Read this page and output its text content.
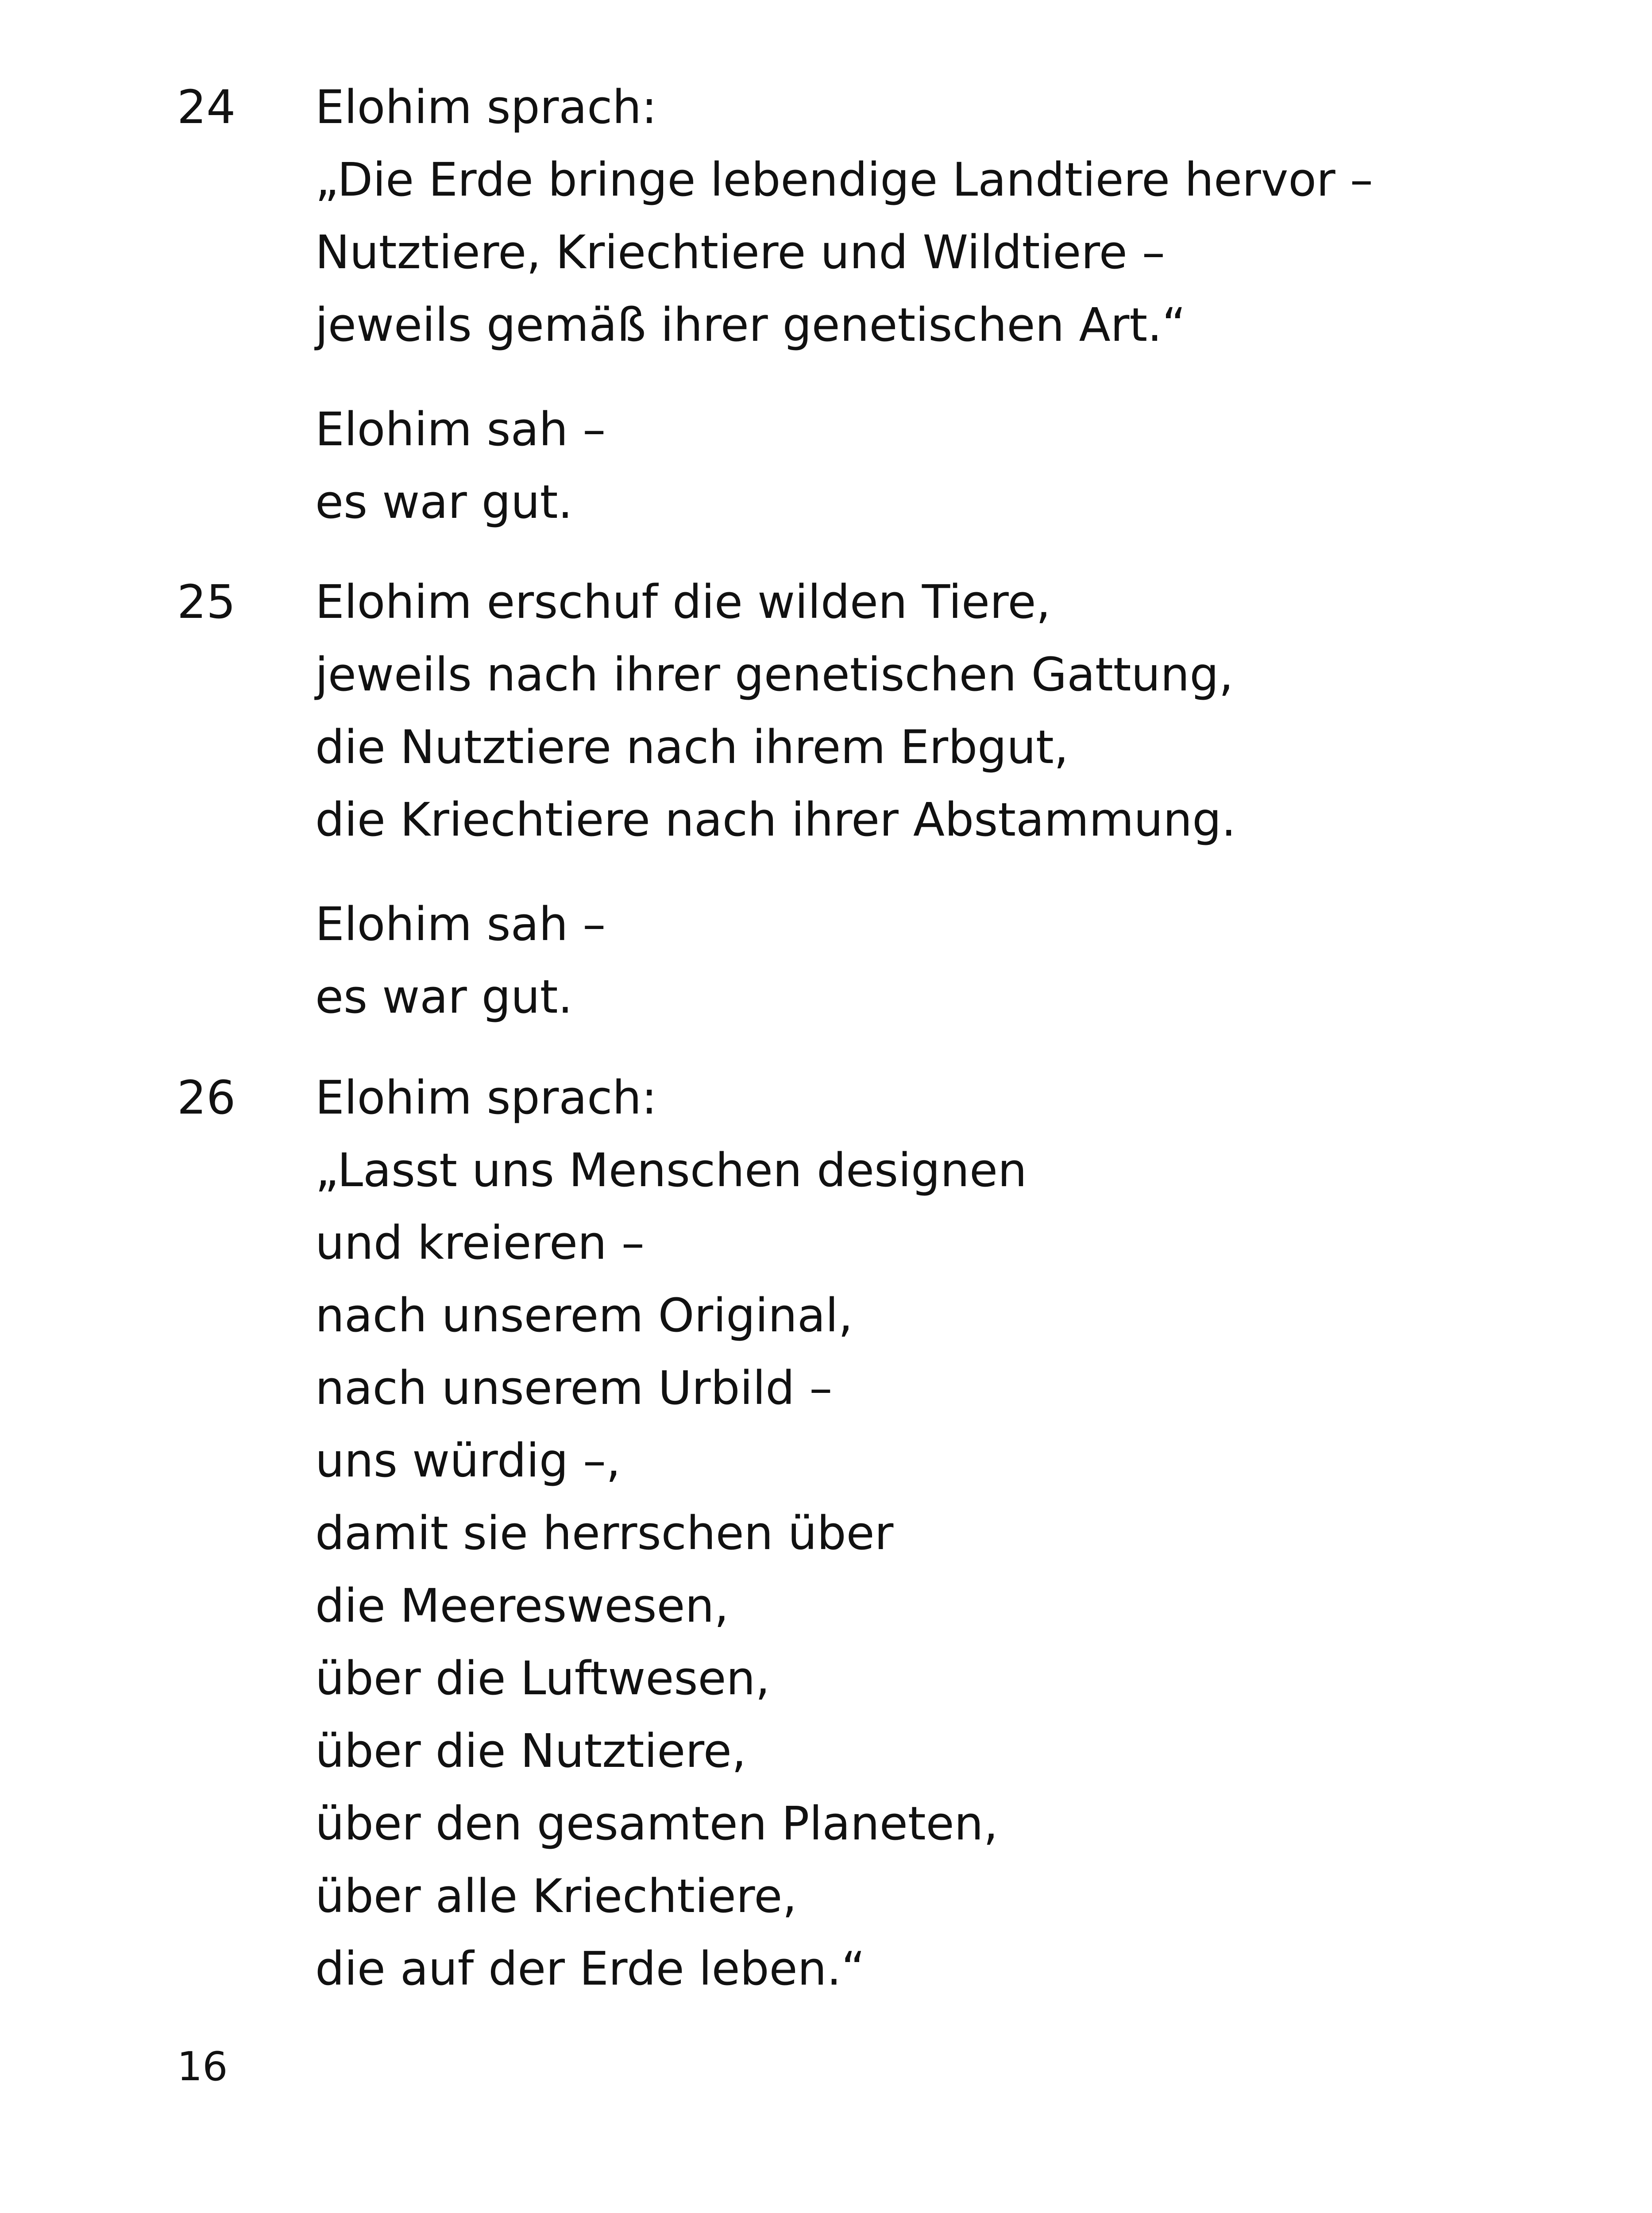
24 Elohim sprach:
„Die Erde bringe lebendige Landtiere hervor –
Nutztiere, Kriechtiere und Wildtiere –
jeweils gemäß ihrer genetischen Art.“
Elohim sah –
es war gut.
25 Elohim erschuf die wilden Tiere,
jeweils nach ihrer genetischen Gattung,
die Nutztiere nach ihrem Erbgut,
die Kriechtiere nach ihrer Abstammung.
Elohim sah –
es war gut.
26 Elohim sprach:
„Lasst uns Menschen designen
und kreieren –
nach unserem Original,
nach unserem Urbild –
uns würdig –,
damit sie herrschen über
die Meereswesen,
über die Luftwesen,
über die Nutztiere,
über den gesamten Planeten,
über alle Kriechtiere,
die auf der Erde leben.“
16
